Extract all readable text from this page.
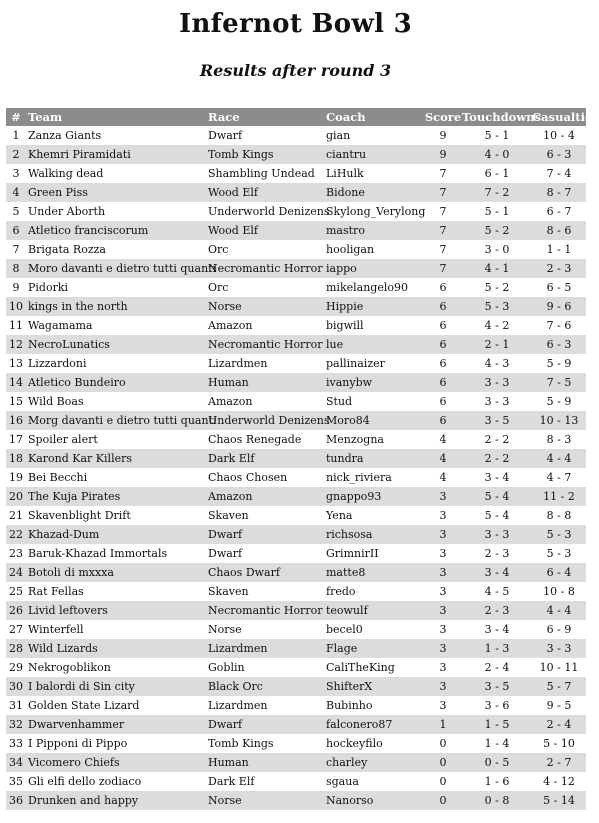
Infernot Bowl 3
Results after round 3
#	Team	Race	Coach	Score	Touchdowns	Casualties
1	Zanza Giants	Dwarf	gian	9	5 - 1	10 - 4
2	Khemri Piramidati	Tomb Kings	ciantru	9	4 - 0	6 - 3
3	Walking dead	Shambling Undead	LiHulk	7	6 - 1	7 - 4
4	Green Piss	Wood Elf	Bidone	7	7 - 2	8 - 7
5	Under Aborth	Underworld Denizens	Skylong_Verylong	7	5 - 1	6 - 7
6	Atletico franciscorum	Wood Elf	mastro	7	5 - 2	8 - 6
7	Brigata Rozza	Orc	hooligan	7	3 - 0	1 - 1
8	Moro davanti e dietro tutti quanti	Necromantic Horror	iappo	7	4 - 1	2 - 3
9	Pidorki	Orc	mikelangelo90	6	5 - 2	6 - 5
10	kings in the north	Norse	Hippie	6	5 - 3	9 - 6
11	Wagamama	Amazon	bigwill	6	4 - 2	7 - 6
12	NecroLunatics	Necromantic Horror	lue	6	2 - 1	6 - 3
13	Lizzardoni	Lizardmen	pallinaizer	6	4 - 3	5 - 9
14	Atletico Bundeiro	Human	ivanybw	6	3 - 3	7 - 5
15	Wild Boas	Amazon	Stud	6	3 - 3	5 - 9
16	Morg davanti e dietro tutti quanti	Underworld Denizens	Moro84	6	3 - 5	10 - 13
17	Spoiler alert	Chaos Renegade	Menzogna	4	2 - 2	8 - 3
18	Karond Kar Killers	Dark Elf	tundra	4	2 - 2	4 - 4
19	Bei Becchi	Chaos Chosen	nick_riviera	4	3 - 4	4 - 7
20	The Kuja Pirates	Amazon	gnappo93	3	5 - 4	11 - 2
21	Skavenblight Drift	Skaven	Yena	3	5 - 4	8 - 8
22	Khazad-Dum	Dwarf	richsosa	3	3 - 3	5 - 3
23	Baruk-Khazad Immortals	Dwarf	GrimnirII	3	2 - 3	5 - 3
24	Botoli di mxxxa	Chaos Dwarf	matte8	3	3 - 4	6 - 4
25	Rat Fellas	Skaven	fredo	3	4 - 5	10 - 8
26	Livid leftovers	Necromantic Horror	teowulf	3	2 - 3	4 - 4
27	Winterfell	Norse	becel0	3	3 - 4	6 - 9
28	Wild Lizards	Lizardmen	Flage	3	1 - 3	3 - 3
29	Nekrogoblikon	Goblin	CaliTheKing	3	2 - 4	10 - 11
30	I balordi di Sin city	Black Orc	ShifterX	3	3 - 5	5 - 7
31	Golden State Lizard	Lizardmen	Bubinho	3	3 - 6	9 - 5
32	Dwarvenhammer	Dwarf	falconero87	1	1 - 5	2 - 4
33	I Pipponi di Pippo	Tomb Kings	hockeyfilo	0	1 - 4	5 - 10
34	Vicomero Chiefs	Human	charley	0	0 - 5	2 - 7
35	Gli elfi dello zodiaco	Dark Elf	sgaua	0	1 - 6	4 - 12
36	Drunken and happy	Norse	Nanorso	0	0 - 8	5 - 14
